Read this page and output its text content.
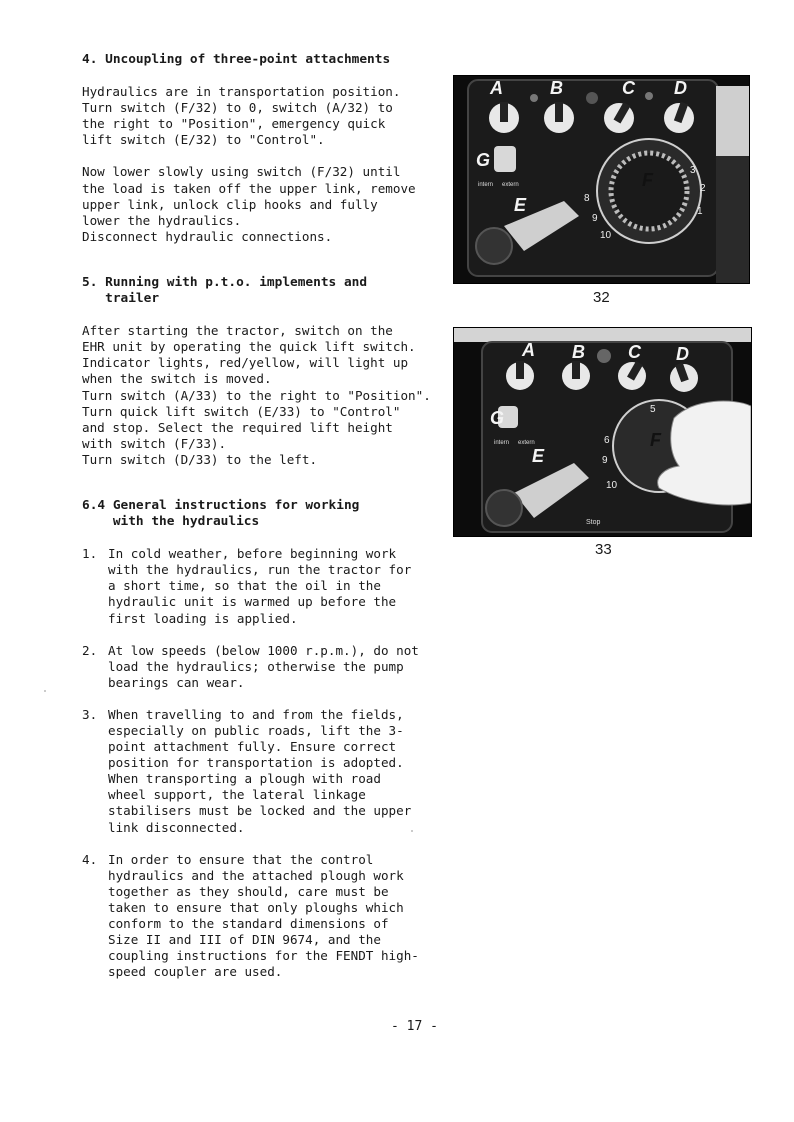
4. Uncoupling of three-point attachments

Hydraulics are in transportation position.
Turn switch (F/32) to 0, switch (A/32) to
the right to "Position", emergency quick
lift switch (E/32) to "Control".

Now lower slowly using switch (F/32) until
the load is taken off the upper link, remove
upper link, unlock clip hooks and fully
lower the hydraulics.
Disconnect hydraulic connections.

5. Running with p.t.o. implements and
trailer

After starting the tractor, switch on the
EHR unit by operating the quick lift switch.
Indicator lights, red/yellow, will light up
when the switch is moved.
Turn switch (A/33) to the right to "Position".
Turn quick lift switch (E/33) to "Control"
and stop. Select the required lift height
with switch (F/33).
Turn switch (D/33) to the left.

6.4 General instructions for working
with the hydraulics
1. In cold weather, before beginning work
with the hydraulics, run the tractor for
a short time, so that the oil in the
hydraulic unit is warmed up before the
first loading is applied.
2. At low speeds (below 1000 r.p.m.), do not
load the hydraulics; otherwise the pump
bearings can wear.
3. When travelling to and from the fields,
especially on public roads, lift the 3-
point attachment fully. Ensure correct
position for transportation is adopted.
When transporting a plough with road
wheel support, the lateral linkage
stabilisers must be locked and the upper
link disconnected.
4. In order to ensure that the control
hydraulics and the attached plough work
together as they should, care must be
taken to ensure that only ploughs which
conform to the standard dimensions of
Size II and III of DIN 9674, and the
coupling instructions for the FENDT high-
speed coupler are used.
8
9
10
3
2
1
A	B	C D
G
E
F
intern extern
32
6
9
10
5
A B C D
G
E
F
intern extern
Stop
33
- 17 -
